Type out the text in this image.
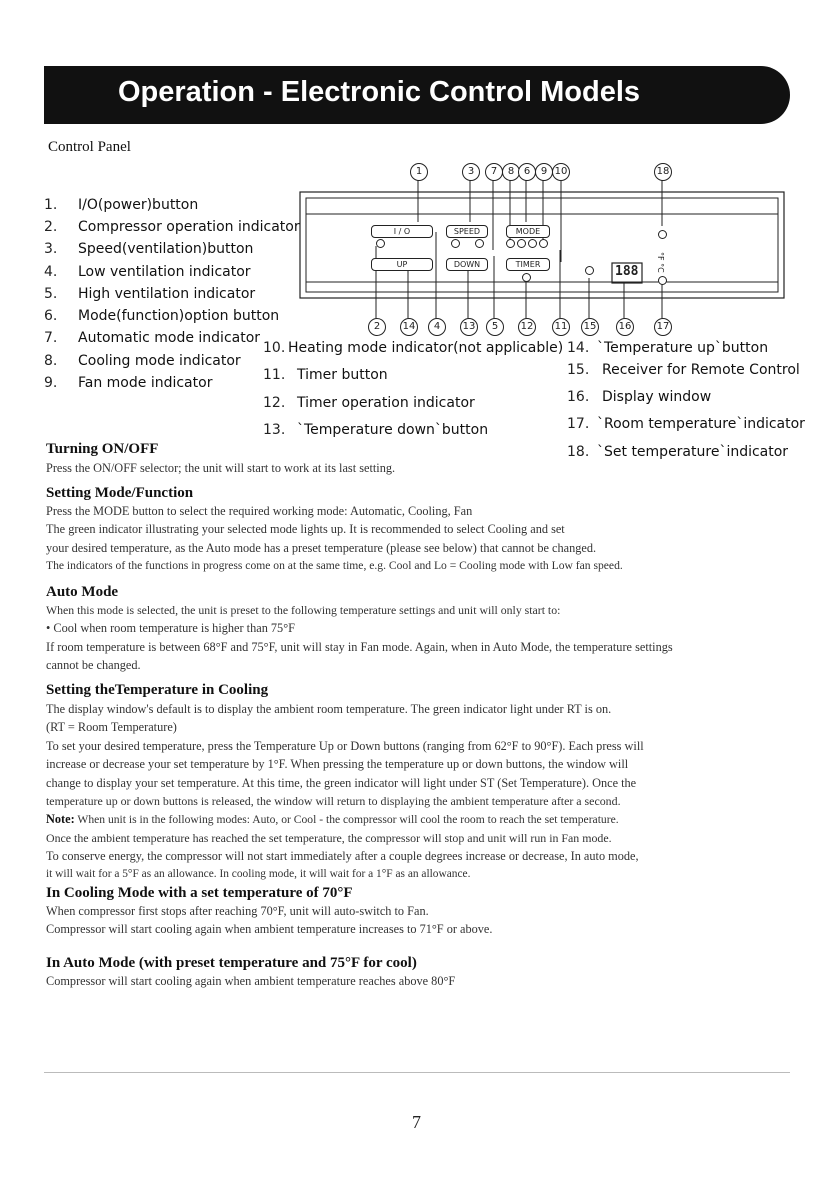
Operation - Electronic Control Models
Control Panel
1. I/O(power)button
2. Compressor operation indicator
3. Speed(ventilation)button
4. Low ventilation indicator
5. High ventilation indicator
6. Mode(function)option button
7. Automatic mode indicator
8. Cooling mode indicator
9. Fan mode indicator
10. Heating mode indicator(not applicable)
11. Timer button
12. Timer operation indicator
13. `Temperature down`button
14. `Temperature up`button
15. Receiver for Remote Control
16. Display window
17. `Room temperature`indicator
18. `Set temperature`indicator
I / O	SPEED	MODE
UP	DOWN	TIMER	188 °F °C
1	3	7	8 6	9 10	18
2	14	4	13	5	12 11 15 16	17
Turning ON/OFF
Press the ON/OFF selector; the unit will start to work at its last setting.
Setting Mode/Function
Press the MODE button to select the required working mode: Automatic, Cooling, Fan
The green indicator illustrating your selected mode lights up. It is recommended to select Cooling and set
your desired temperature, as the Auto mode has a preset temperature (please see below) that cannot be changed.
The indicators of the functions in progress come on at the same time, e.g. Cool and Lo = Cooling mode with Low fan speed.
Auto Mode
When this mode is selected, the unit is preset to the following temperature settings and unit will only start to:
• Cool when room temperature is higher than 75°F
If room temperature is between 68°F and 75°F, unit will stay in Fan mode. Again, when in Auto Mode, the temperature settings
cannot be changed.
Setting theTemperature in Cooling
The display window's default is to display the ambient room temperature. The green indicator light under RT is on.
(RT = Room Temperature)
To set your desired temperature, press the Temperature Up or Down buttons (ranging from 62°F to 90°F). Each press will
increase or decrease your set temperature by 1°F. When pressing the temperature up or down buttons, the window will
change to display your set temperature. At this time, the green indicator will light under ST (Set Temperature). Once the
temperature up or down buttons is released, the window will return to displaying the ambient temperature after a second.
Note: When unit is in the following modes: Auto, or Cool - the compressor will cool the room to reach the set temperature.
Once the ambient temperature has reached the set temperature, the compressor will stop and unit will run in Fan mode.
To conserve energy, the compressor will not start immediately after a couple degrees increase or decrease, In auto mode,
it will wait for a 5°F as an allowance. In cooling mode, it will wait for a 1°F as an allowance.
In Cooling Mode with a set temperature of 70°F
When compressor first stops after reaching 70°F, unit will auto-switch to Fan.
Compressor will start cooling again when ambient temperature increases to 71°F or above.
In Auto Mode (with preset temperature and 75°F for cool)
Compressor will start cooling again when ambient temperature reaches above 80°F
7
